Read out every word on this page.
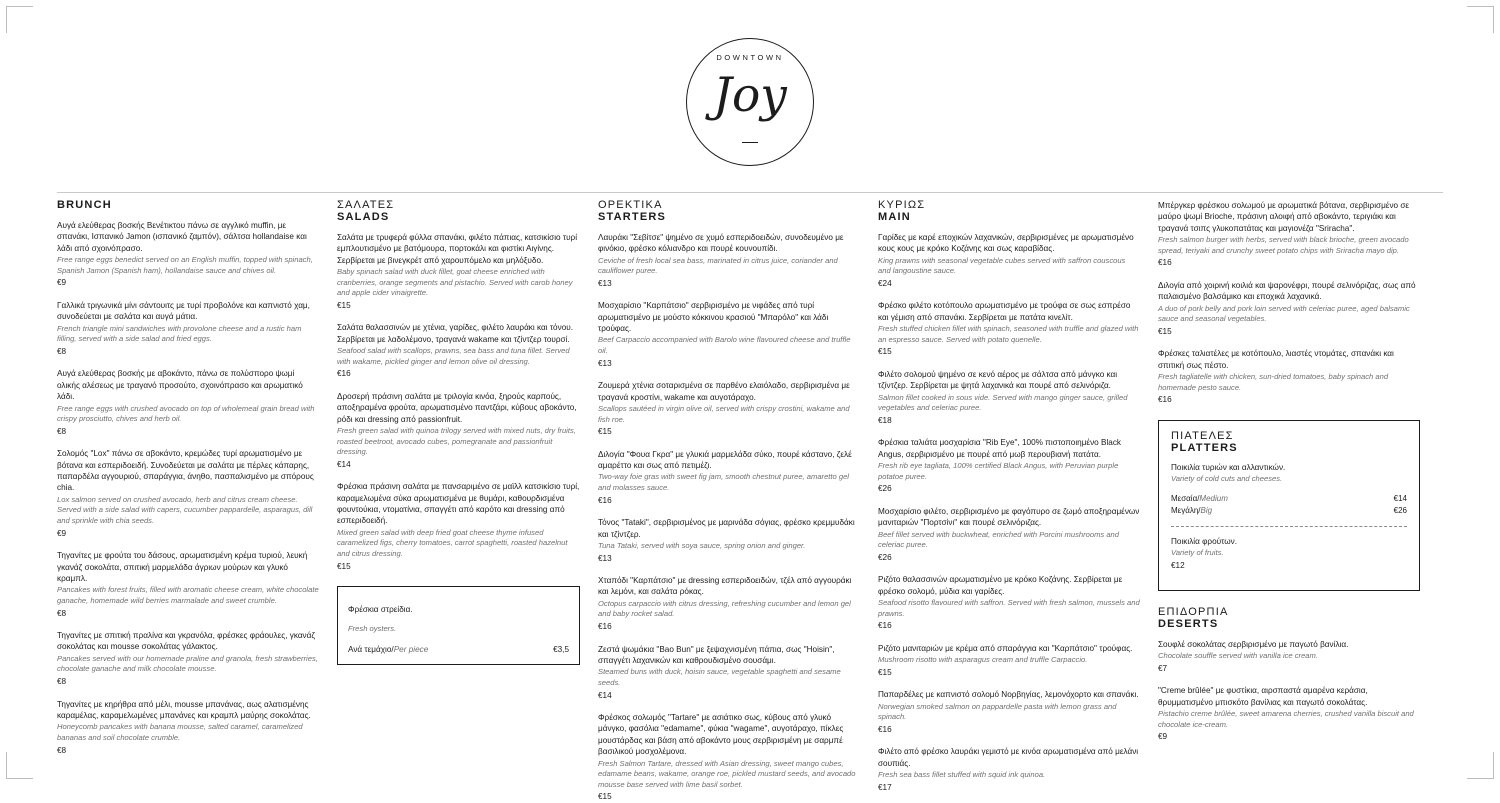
DOWNTOWN
Joy
BRUNCH

Αυγά ελεύθερας βοσκής Βενέτικτου πάνω σε αγγλικό muffin, με σπανάκι, Ισπανικό Jamon (ισπανικό ζαμπόν), σάλτσα hollandaise και λάδι από σχοινόπρασο.

Free range eggs benedict served on an English muffin, topped with spinach, Spanish Jamon (Spanish ham), hollandaise sauce and chives oil.

€9

Γαλλικά τριγωνικά μίνι σάντουιτς με τυρί προβολόνε και καπνιστό χαμ, συνοδεύεται με σαλάτα και αυγά μάτια.

French triangle mini sandwiches with provolone cheese and a rustic ham filling, served with a side salad and fried eggs.

€8

Αυγά ελεύθερας βοσκής με αβοκάντο, πάνω σε πολύσπορο ψωμί ολικής αλέσεως με τραγανό προσούτο, σχοινόπρασο και αρωματικό λάδι.

Free range eggs with crushed avocado on top of wholemeal grain bread with crispy prosciutto, chives and herb oil.

€8

Σολομός "Lox" πάνω σε αβοκάντο, κρεμώδες τυρί αρωματισμένο με βότανα και εσπεριδοειδή. Συνοδεύεται με σαλάτα με πέρλες κάπαρης, παπαρδέλα αγγουριού, σπαράγγια, άνηθο, πασπαλισμένο με σπόρους chia.

Lox salmon served on crushed avocado, herb and citrus cream cheese. Served with a side salad with capers, cucumber pappardelle, asparagus, dill and sprinkle with chia seeds.

€9

Τηγανίτες με φρούτα του δάσους, αρωματισμένη κρέμα τυριού, λευκή γκανάζ σοκολάτα, σπιτική μαρμελάδα άγριων μούρων και γλυκό κραμπλ.

Pancakes with forest fruits, filled with aromatic cheese cream, white chocolate ganache, homemade wild berries marmalade and sweet crumble.

€8

Τηγανίτες με σπιτική πραλίνα και γκρανόλα, φρέσκες φράουλες, γκανάζ σοκολάτας και mousse σοκολάτας γάλακτος.

Pancakes served with our homemade praline and granola, fresh strawberries, chocolate ganache and milk chocolate mousse.

€8

Τηγανίτες με κηρήθρα από μέλι, mousse μπανάνας, αως αλατισμένης καραμέλας, καραμελωμένες μπανάνες και κραμπλ μαύρης σοκολάτας.

Honeycomb pancakes with banana mousse, salted caramel, caramelized bananas and soil chocolate crumble.

€8

ΣΑΛΑΤΕΣ
SALADS

Σαλάτα με τρυφερά φύλλα σπανάκι, φιλέτο πάπιας, κατσικίσιο τυρί εμπλουτισμένο με βατόμουρα, πορτοκάλι και φιστίκι Αιγίνης. Σερβίρεται με βινεγκρέτ από χαρουπόμελο και μηλόξυδο.

Baby spinach salad with duck fillet, goat cheese enriched with cranberries, orange segments and pistachio. Served with carob honey and apple cider vinaigrette.

€15

Σαλάτα θαλασσινών με χτένια, γαρίδες, φιλέτο λαυράκι και τόνου. Σερβίρεται με λαδολέμονο, τραγανά wakame και τζίντζερ τουρσί.

Seafood salad with scallops, prawns, sea bass and tuna fillet. Served with wakame, pickled ginger and lemon olive oil dressing.

€16

Δροσερή πράσινη σαλάτα με τριλογία κινόα, ξηρούς καρπούς, αποξηραμένα φρούτα, αρωματισμένο παντζάρι, κύβους αβοκάντο, ρόδι και dressing από passionfruit.

Fresh green salad with quinoa trilogy served with mixed nuts, dry fruits, roasted beetroot, avocado cubes, pomegranate and passionfruit dressing.

€14

Φρέσκια πράσινη σαλάτα με πανσαριμένο σε μαϊλλ κατσικίσιο τυρί, καραμελωμένα σύκα αρωματισμένα με θυμάρι, καθουρδισμένα φουντούκια, ντοματίνια, σπαγγέτι από καρότο και dressing από εσπεριδοειδή.

Mixed green salad with deep fried goat cheese thyme infused caramelized figs, cherry tomatoes, carrot spaghetti, roasted hazelnut and citrus dressing.

€15

Φρέσκια στρείδια.

Fresh oysters.

Ανά τεμάχιο/Per piece	€3,5
ΟΡΕΚΤΙΚΑ
STARTERS

Λαυράκι "Σεβίτσε" ψημένο σε χυμό εσπεριδοειδών, συνοδευμένο με φινόκιο, φρέσκο κόλιανδρο και πουρέ κουνουπίδι.

Ceviche of fresh local sea bass, marinated in citrus juice, coriander and cauliflower puree.

€13

Μοσχαρίσιο "Καρπάτσιο" σερβιρισμένο με νιφάδες από τυρί αρωματισμένο με μούστο κόκκινου κρασιού "Μπαρόλο" και λάδι τρούφας.

Beef Carpaccio accompanied with Barolo wine flavoured cheese and truffle oil.

€13

Ζουμερά χτένια σοταρισμένα σε παρθένο ελαιόλαδο, σερβιρισμένα με τραγανά κροστίνι, wakame και αυγοτάραχο.

Scallops sautéed in virgin olive oil, served with crispy crostini, wakame and fish roe.

€15

Διλογία "Φουα Γκρα" με γλυκιά μαρμελάδα σύκο, πουρέ κάστανο, ζελέ αμαρέττο και σως από πετιμέζι.

Two-way foie gras with sweet fig jam, smooth chestnut puree, amaretto gel and molasses sauce.

€16

Τόνος "Tataki", σερβιρισμένος με μαρινάδα σόγιας, φρέσκο κρεμμυδάκι και τζίντζερ.

Tuna Tataki, served with soya sauce, spring onion and ginger.

€13

Χταπόδι "Καρπάτσιο" με dressing εσπεριδοειδών, τζέλ από αγγουράκι και λεμόνι, και σαλάτα ρόκας.

Octopus carpaccio with citrus dressing, refreshing cucumber and lemon gel and baby rocket salad.

€16

Ζεστά ψωμάκια "Bao Bun" με ξεψαχνισμένη πάπια, σως "Hoisin", σπαγγέτι λαχανικών και καθρουδισμένο σουσάμι.

Steamed buns with duck, hoisin sauce, vegetable spaghetti and sesame seeds.

€14

Φρέσκος σολωμός "Tartare" με ασιάτικο σως, κύβους από γλυκό μάνγκο, φασόλια "edamame", φύκια "wagame", αυγοτάραχο, πίκλες μουστάρδας και βάση από αβοκάντο μους σερβιρισμένη με σαρμπέ βασιλικού μοσχολέμονα.

Fresh Salmon Tartare, dressed with Asian dressing, sweet mango cubes, edamame beans, wakame, orange roe, pickled mustard seeds, and avocado mousse base served with lime basil sorbet.

€15

ΚΥΡΙΩΣ
MAIN

Γαρίδες με καρέ εποχικών λαχανικών, σερβιρισμένες με αρωματισμένο κους κους με κρόκο Κοζάνης και σως καραβίδας.

King prawns with seasonal vegetable cubes served with saffron couscous and langoustine sauce.

€24

Φρέσκο φιλέτο κοτόπουλο αρωματισμένο με τρούφα σε σως εσπρέσο και γέμιση από σπανάκι. Σερβίρεται με πατάτα κινελίτ.

Fresh stuffed chicken fillet with spinach, seasoned with truffle and glazed with an espresso sauce. Served with potato quenelle.

€15

Φιλέτο σολομού ψημένο σε κενό αέρος με σάλτσα από μάνγκο και τζίντζερ. Σερβίρεται με ψητά λαχανικά και πουρέ από σελινόριζα.

Salmon fillet cooked in sous vide. Served with mango ginger sauce, grilled vegetables and celeriac puree.

€18

Φρέσκια ταλιάτα μοσχαρίσια "Rib Eye", 100% πιστοποιημένο Black Angus, σερβιρισμένο με πουρέ από μωβ περουβιανή πατάτα.

Fresh rib eye tagliata, 100% certified Black Angus, with Peruvian purple potatoe puree.

€26

Μοσχαρίσιο φιλέτο, σερβιρισμένο με φαγόπυρο σε ζωμό αποξηραμένων μανιταριών "Πορτσίνι" και πουρέ σελινόριζας.

Beef fillet served with buckwheat, enriched with Porcini mushrooms and celeriac puree.

€26

Ριζότο θαλασσινών αρωματισμένο με κρόκο Κοζάνης. Σερβίρεται με φρέσκο σολομό, μύδια και γαρίδες.

Seafood risotto flavoured with saffron. Served with fresh salmon, mussels and prawns.

€16

Ριζότο μανιταριών με κρέμα από σπαράγγια και "Καρπάτσιο" τρούφας.

Mushroom risotto with asparagus cream and truffle Carpaccio.

€15

Παπαρδέλες με καπνιστό σολομό Νορβηγίας, λεμονόχορτο και σπανάκι.

Norwegian smoked salmon on pappardelle pasta with lemon grass and spinach.

€16

Φιλέτο από φρέσκο λαυράκι γεμιστό με κινόα αρωματισμένα από μελάνι σουπιάς.

Fresh sea bass fillet stuffed with squid ink quinoa.

€17

Μπέργκερ φρέσκου σολωμού με αρωματικά βότανα, σερβιρισμένο σε μαύρο ψωμί Brioche, πράσινη αλοιφή από αβοκάντο, τεριγιάκι και τραγανά τσιπς γλυκοπατάτας και μαγιονέζα "Sriracha".

Fresh salmon burger with herbs, served with black brioche, green avocado spread, teriyaki and crunchy sweet potato chips with Sriracha mayo dip.

€16

Διλογία από χοιρινή κοιλιά και ψαρονέφρι, πουρέ σελινόριζας, σως από παλαισμένο βαλσάμικο και εποχικά λαχανικά.

A duo of pork belly and pork loin served with celeriac puree, aged balsamic sauce and seasonal vegetables.

€15

Φρέσκες ταλιατέλες με κοτόπουλο, λιαστές ντομάτες, σπανάκι και σπιτική σως πέστο.

Fresh tagliatelle with chicken, sun-dried tomatoes, baby spinach and homemade pesto sauce.

€16

ΠΙΑΤΕΛΕΣ
PLATTERS

Ποικιλία τυριών και αλλαντικών.

Variety of cold cuts and cheeses.

Μεσαία/Medium	€14
Μεγάλη/Big	€26

Ποικιλία φρούτων.

Variety of fruits.

€12

ΕΠΙΔΟΡΠΙΑ
DESERTS

Σουφλέ σοκολάτας σερβιρισμένο με παγωτό βανίλια.

Chocolate souffle served with vanilla ice cream.

€7

"Creme brûlée" με φυστίκια, αιρσπαστά αμαρένα κεράσια, θρυμματισμένο μπισκότο βανίλιας και παγωτό σοκολάτας.

Pistachio creme brûlée, sweet amarena cherries, crushed vanilla biscuit and chocolate ice-cream.

€9
